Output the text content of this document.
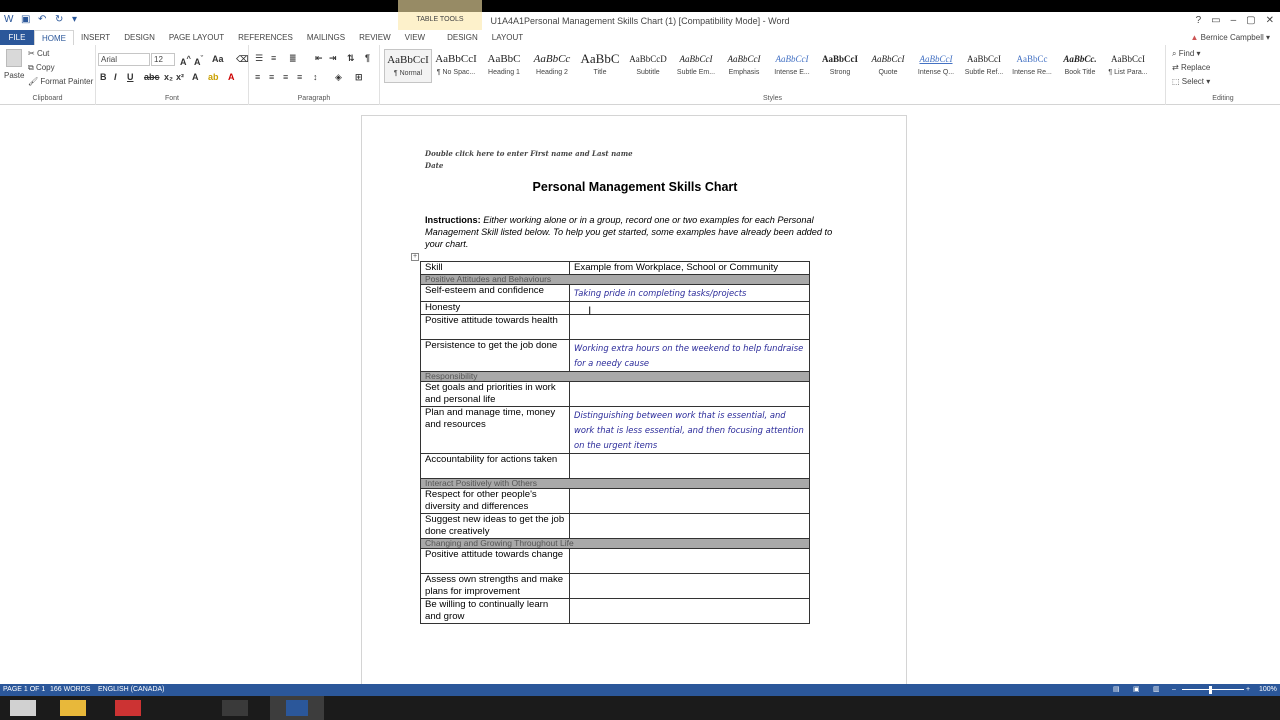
W ▣ ↶ ↻ ▾	U1A4A1Personal Management Skills Chart (1) [Compatibility Mode] - Word	? ▭ – ▢ ✕
TABLE TOOLS
FILE	HOME	INSERT	DESIGN	PAGE LAYOUT	REFERENCES	MAILINGS	REVIEW	VIEW	DESIGN	LAYOUT	▲ Bernice Campbell ▾
Paste
✂ Cut
⧉ Copy
🖌 Format Painter
Clipboard
Arial	12	A^ $A^ˇ$ Aa ⌫
B I U abc x₂ x² A ab A
Font
☰ ≡ ≣ ⇤ ⇥ ⇅ ¶
≡ ≡ ≡ ≡ ↕ ◈ ⊞
Paragraph	Styles
AaBbCcI
¶ Normal
AaBbCcI
¶ No Spac...
AaBbC
Heading 1
AaBbCc
Heading 2
AaBbC
Title
AaBbCcD
Subtitle
AaBbCcI
Subtle Em...
AaBbCcI
Emphasis
AaBbCcI
Intense E...
AaBbCcI
Strong
AaBbCcI
Quote
AaBbCcI
Intense Q...
AaBbCcI
Subtle Ref...
AaBbCc
Intense Re...
AaBbCc.
Book Title
AaBbCcI
¶ List Para...
⌕ Find ▾
⇄ Replace
⬚ Select ▾
Editing
Double click here to enter First name and Last name
Date
Personal Management Skills Chart
Instructions: Either working alone or in a group, record one or two examples for each Personal Management Skill listed below. To help you get started, some examples have already been added to your chart.
+
Skill	Example from Workplace, School or Community
Positive Attitudes and Behaviours	
Self-esteem and confidence	Taking pride in completing tasks/projects
Honesty	
Positive attitude towards health	
Persistence to get the job done	Working extra hours on the weekend to help fundraise for a needy cause
Responsibility	
Set goals and priorities in work and personal life	
Plan and manage time, money and resources	Distinguishing between work that is essential, and work that is less essential, and then focusing attention on the urgent items
Accountability for actions taken	
Interact Positively with Others	
Respect for other people's diversity and differences	
Suggest new ideas to get the job done creatively	
Changing and Growing Throughout Life	
Positive attitude towards change	
Assess own strengths and make plans for improvement	
Be willing to continually learn and grow	
I
PAGE 1 OF 1 166 WORDS ENGLISH (CANADA)	▤ ▣ ▥ –	+ 100%
